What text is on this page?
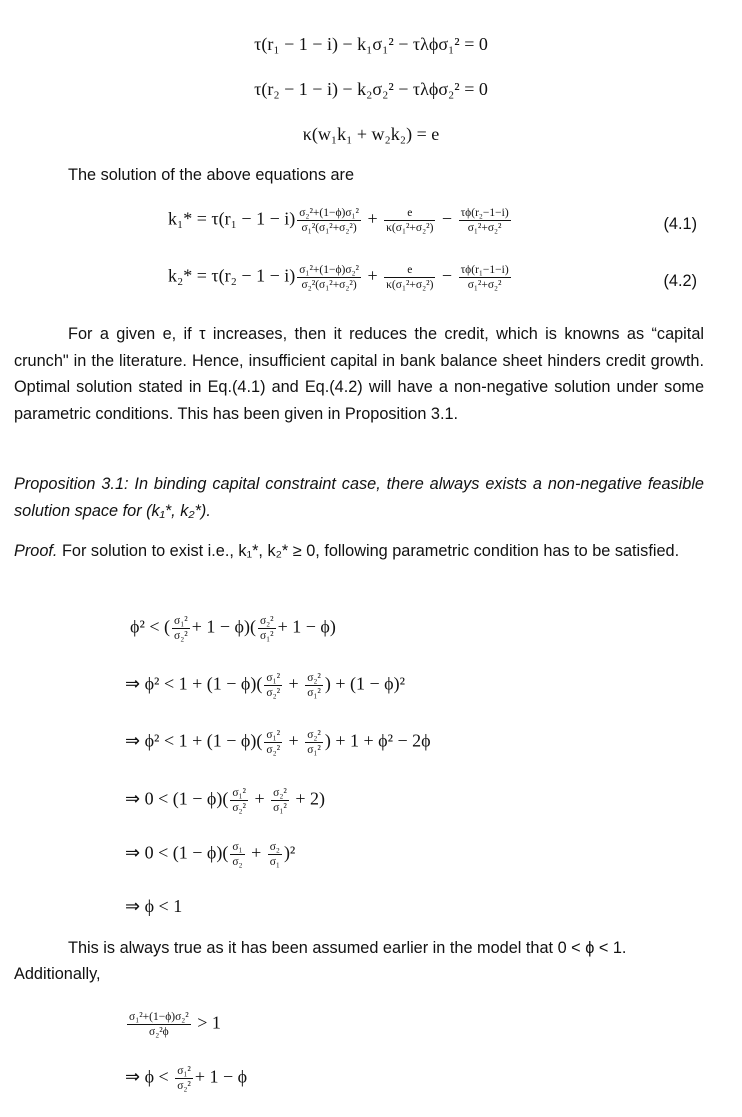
τ(r₁ − 1 − i) − k₁σ₁² − τλϕσ₁² = 0
τ(r₂ − 1 − i) − k₂σ₂² − τλϕσ₂² = 0
κ(w₁k₁ + w₂k₂) = e

The solution of the above equations are

$k_1* = \tau(r_1 - 1 - i) \frac{\text{σ₂²+(1−ϕ)σ₁²}}{\text{σ₁²(σ₁²+σ₂²)}} + \frac{e}{\text{κ(σ₁²+σ₂²)}} - \frac{\text{τϕ(r₂−1−i)}}{\text{σ₁²+σ₂²}}$	(4.1)
$k_2* = \tau(r_2 - 1 - i) \frac{\text{σ₁²+(1−ϕ)σ₂²}}{\text{σ₂²(σ₁²+σ₂²)}} + \frac{e}{\text{κ(σ₁²+σ₂²)}} - \frac{\text{τϕ(r₁−1−i)}}{\text{σ₁²+σ₂²}}$	(4.2)

For a given e, if τ increases, then it reduces the credit, which is knowns as “capital crunch" in the literature. Hence, insufficient capital in bank balance sheet hinders credit growth. Optimal solution stated in Eq.(4.1) and Eq.(4.2) will have a non-negative solution under some parametric conditions. This has been given in Proposition 3.1.

Proposition 3.1: In binding capital constraint case, there always exists a non-negative feasible solution space for (k₁*, k₂*).

Proof. For solution to exist i.e., k₁*, k₂* ≥ 0, following parametric condition has to be satisfied.

ϕ² < ( $\frac{\text{σ₁²}}{\text{σ₂²}} + 1 - \phi)( \frac{\text{σ₂²}}{\text{σ₁²}} + 1 - \phi)$
⇒ $\phi^2 < 1 + (1 - \phi)( \frac{\text{σ₁²}}{\text{σ₂²}} + \frac{\text{σ₂²}}{\text{σ₁²}}$ ) + (1 − ϕ)²
⇒ $\phi^2 < 1 + (1 - \phi)( \frac{\text{σ₁²}}{\text{σ₂²}} + \frac{\text{σ₂²}}{\text{σ₁²}}$ ) + 1 + ϕ² − 2ϕ
⇒ $0 < (1 - \phi)( \frac{\text{σ₁²}}{\text{σ₂²}} + \frac{\text{σ₂²}}{\text{σ₁²}} + 2)$
⇒ $0 < (1 - \phi)( \frac{\text{σ₁}}{\text{σ₂}} + \frac{\text{σ₂}}{\text{σ₁}} )^2$
⇒ ϕ < 1

This is always true as it has been assumed earlier in the model that 0 < ϕ < 1.

Additionally,

$\frac{\text{σ₁²+(1−ϕ)σ₂²}}{\text{σ₂²ϕ}} > 1$
⇒ $\phi < \frac{\text{σ₁²}}{\text{σ₂²}} + 1 - \phi$
